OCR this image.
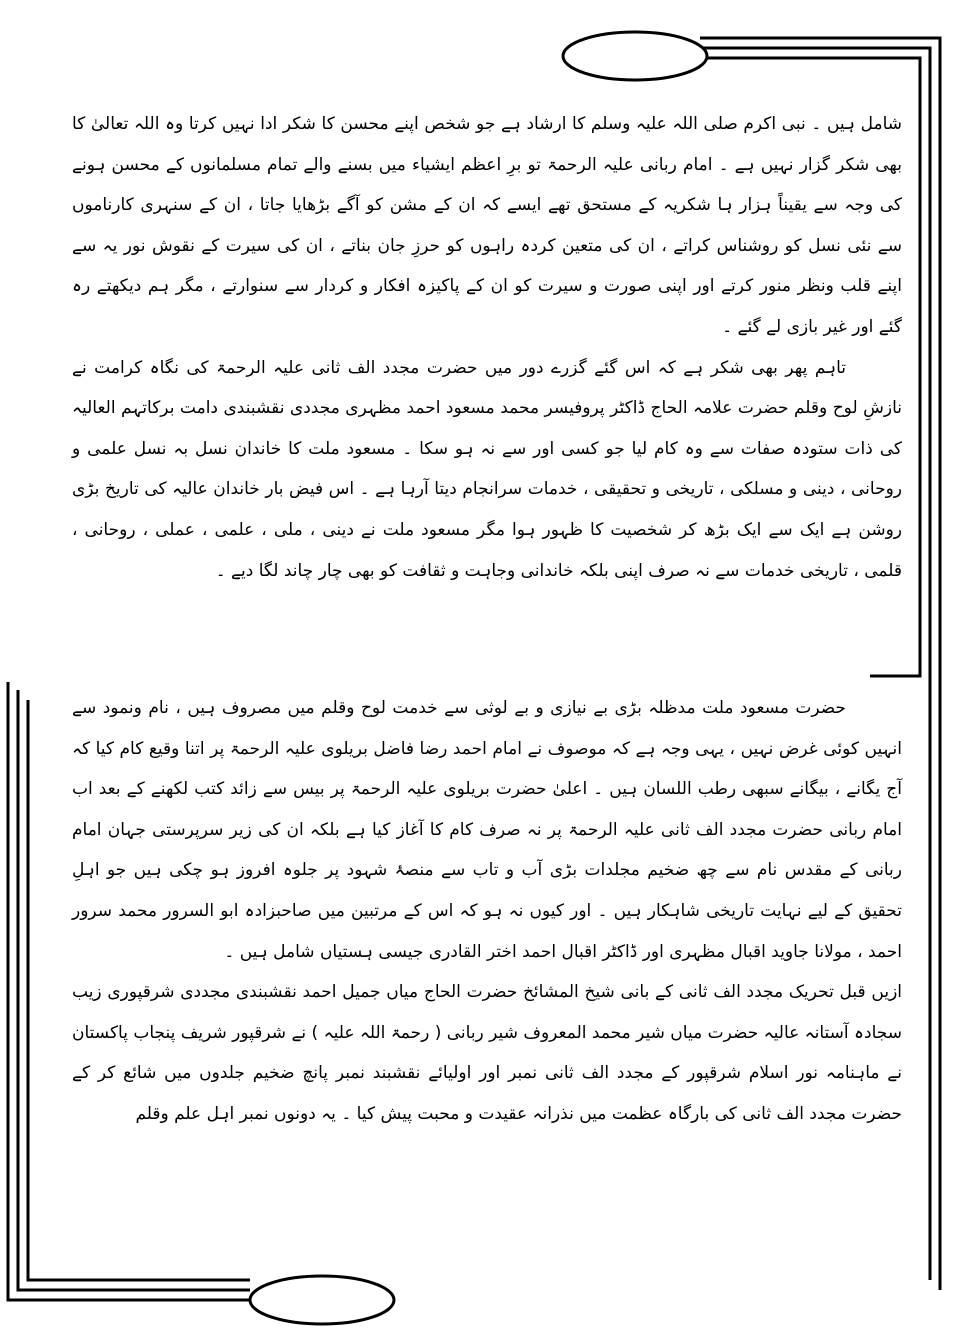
شامل ہیں ۔ نبی اکرم صلی اللہ علیہ وسلم کا ارشاد ہے جو شخص اپنے محسن کا شکر ادا نہیں کرتا وہ اللہ تعالیٰ کا بھی شکر گزار نہیں ہے ۔ امام ربانی علیہ الرحمۃ تو برِ اعظم ایشیاء میں بسنے والے تمام مسلمانوں کے محسن ہونے کی وجہ سے یقیناً ہزار ہا شکریہ کے مستحق تھے ایسے کہ ان کے مشن کو آگے بڑھایا جاتا ، ان کے سنہری کارناموں سے نئی نسل کو روشناس کراتے ، ان کی متعین کردہ راہوں کو حرزِ جان بناتے ، ان کی سیرت کے نقوش نور یہ سے اپنے قلب ونظر منور کرتے اور اپنی صورت و سیرت کو ان کے پاکیزہ افکار و کردار سے سنوارتے ، مگر ہم دیکھتے رہ گئے اور غیر بازی لے گئے ۔

تاہم پھر بھی شکر ہے کہ اس گئے گزرے دور میں حضرت مجدد الف ثانی علیہ الرحمۃ کی نگاہ کرامت نے نازشِ لوح وقلم حضرت علامہ الحاج ڈاکٹر پروفیسر محمد مسعود احمد مظہری مجددی نقشبندی دامت برکاتہم العالیہ کی ذات ستودہ صفات سے وہ کام لیا جو کسی اور سے نہ ہو سکا ۔ مسعود ملت کا خاندان نسل بہ نسل علمی و روحانی ، دینی و مسلکی ، تاریخی و تحقیقی ، خدمات سرانجام دیتا آرہا ہے ۔ اس فیض بار خاندان عالیہ کی تاریخ بڑی روشن ہے ایک سے ایک بڑھ کر شخصیت کا ظہور ہوا مگر مسعود ملت نے دینی ، ملی ، علمی ، عملی ، روحانی ، قلمی ، تاریخی خدمات سے نہ صرف اپنی بلکہ خاندانی وجاہت و ثقافت کو بھی چار چاند لگا دیے ۔

حضرت مسعود ملت مدظلہ بڑی بے نیازی و بے لوثی سے خدمت لوح وقلم میں مصروف ہیں ، نام ونمود سے انہیں کوئی غرض نہیں ، یہی وجہ ہے کہ موصوف نے امام احمد رضا فاضل بریلوی علیہ الرحمۃ پر اتنا وقیع کام کیا کہ آج یگانے ، بیگانے سبھی رطب اللسان ہیں ۔ اعلیٰ حضرت بریلوی علیہ الرحمۃ پر بیس سے زائد کتب لکھنے کے بعد اب امام ربانی حضرت مجدد الف ثانی علیہ الرحمۃ پر نہ صرف کام کا آغاز کیا ہے بلکہ ان کی زیر سرپرستی جہان امام ربانی کے مقدس نام سے چھ ضخیم مجلدات بڑی آب و تاب سے منصۂ شہود پر جلوہ افروز ہو چکی ہیں جو اہلِ تحقیق کے لیے نہایت تاریخی شاہکار ہیں ۔ اور کیوں نہ ہو کہ اس کے مرتبین میں صاحبزادہ ابو السرور محمد سرور احمد ، مولانا جاوید اقبال مظہری اور ڈاکٹر اقبال احمد اختر القادری جیسی ہستیاں شامل ہیں ۔

ازیں قبل تحریک مجدد الف ثانی کے بانی شیخ المشائخ حضرت الحاج میاں جمیل احمد نقشبندی مجددی شرقپوری زیب سجادہ آستانہ عالیہ حضرت میاں شیر محمد المعروف شیر ربانی ( رحمۃ اللہ علیہ ) نے شرقپور شریف پنجاب پاکستان نے ماہنامہ نور اسلام شرقپور کے مجدد الف ثانی نمبر اور اولیائے نقشبند نمبر پانچ ضخیم جلدوں میں شائع کر کے حضرت مجدد الف ثانی کی بارگاہ عظمت میں نذرانہ عقیدت و محبت پیش کیا ۔ یہ دونوں نمبر اہل علم وقلم
